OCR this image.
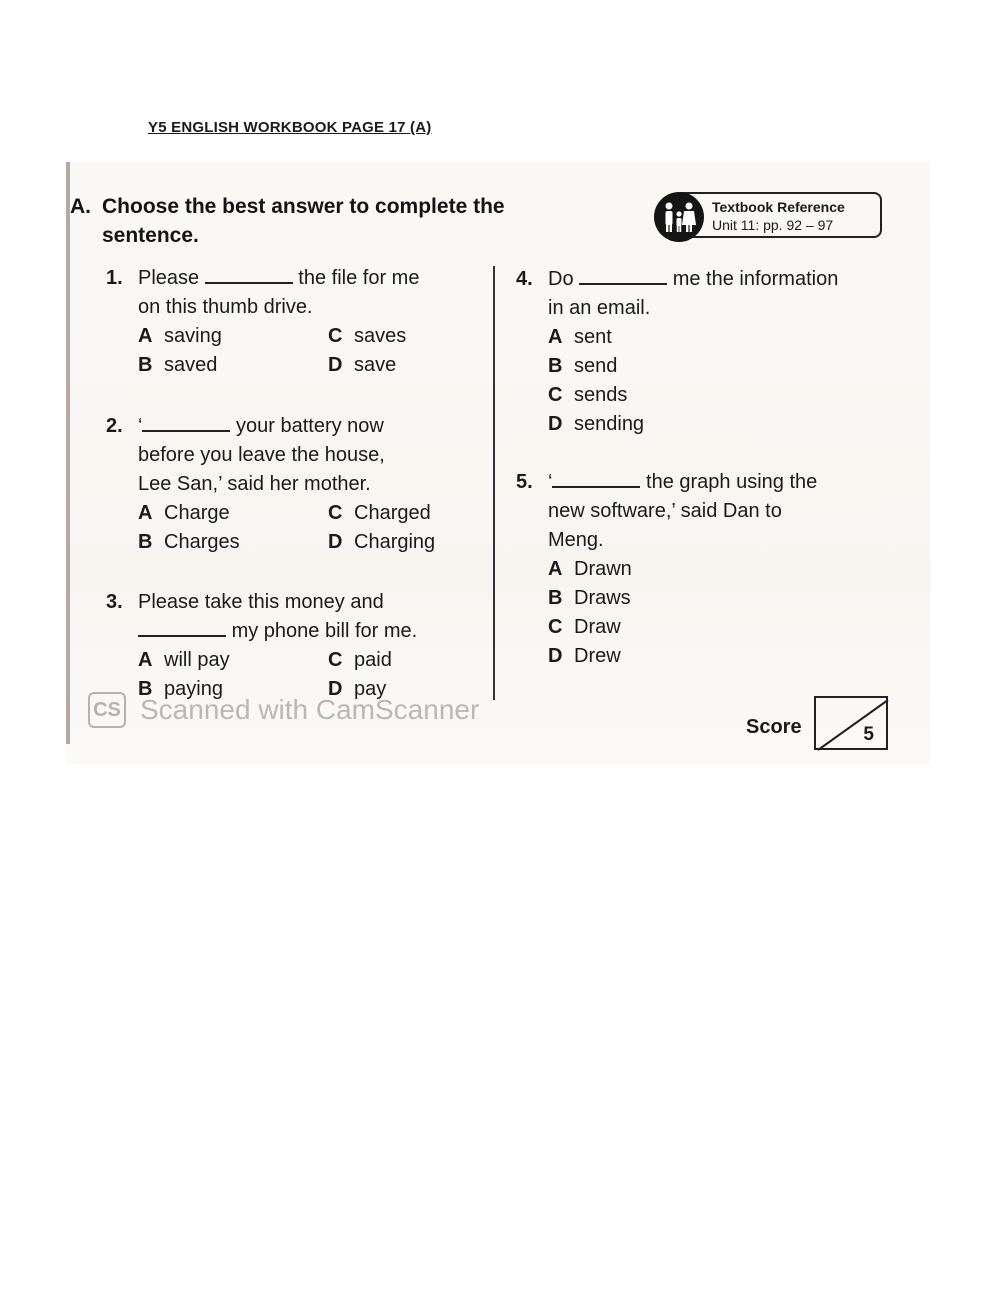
Y5 ENGLISH WORKBOOK PAGE 17 (A)
A. Choose the best answer to complete the
sentence.
Textbook Reference
Unit 11: pp. 92 – 97
1. Please	the file for me
on this thumb drive.
A saving	C saves
B saved	D save
2. ‘	your battery now
before you leave the house,
Lee San,’ said her mother.
A Charge	C Charged
B Charges	D Charging
3. Please take this money and
my phone bill for me.
A will pay	C paid
B paying	D pay
4. Do	me the information
in an email.
A sent
B send
C sends
D sending
5. ‘	the graph using the
new software,’ said Dan to
Meng.
A Drawn
B Draws
C Draw
D Drew
CS Scanned with CamScanner
Score	5
